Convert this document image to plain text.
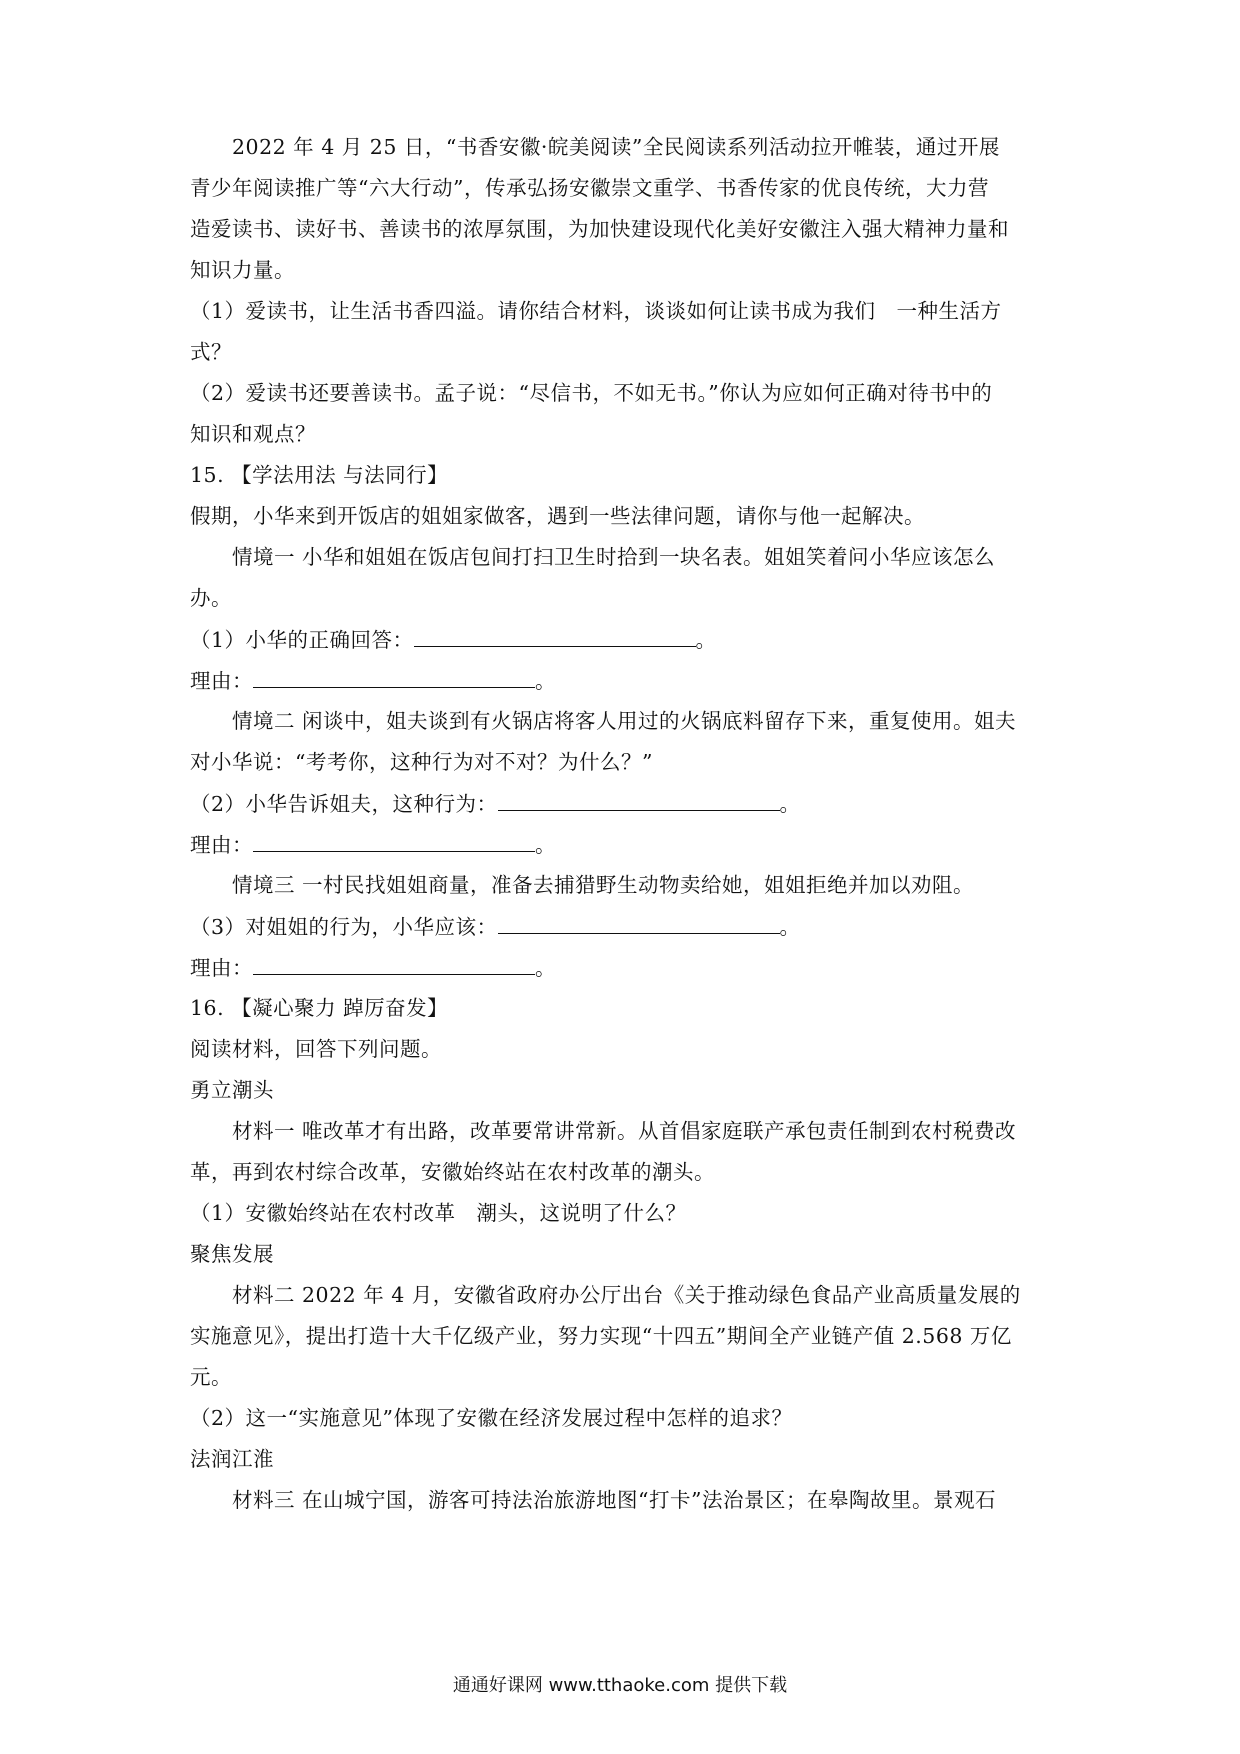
2022 年 4 月 25 日，“书香安徽·皖美阅读”全民阅读系列活动拉开帷装，通过开展
青少年阅读推广等“六大行动”，传承弘扬安徽崇文重学、书香传家的优良传统，大力营
造爱读书、读好书、善读书的浓厚氛围，为加快建设现代化美好安徽注入强大精神力量和
知识力量。
（1）爱读书，让生活书香四溢。请你结合材料，谈谈如何让读书成为我们　一种生活方
式？
（2）爱读书还要善读书。孟子说：“尽信书，不如无书。”你认为应如何正确对待书中的
知识和观点？
15. 【学法用法 与法同行】
假期，小华来到开饭店的姐姐家做客，遇到一些法律问题，请你与他一起解决。
情境一 小华和姐姐在饭店包间打扫卫生时拾到一块名表。姐姐笑着问小华应该怎么
办。
（1）小华的正确回答：	。
理由：	。
情境二 闲谈中，姐夫谈到有火锅店将客人用过的火锅底料留存下来，重复使用。姐夫
对小华说：“考考你，这种行为对不对？为什么？”
（2）小华告诉姐夫，这种行为：	。
理由：	。
情境三 一村民找姐姐商量，准备去捕猎野生动物卖给她，姐姐拒绝并加以劝阻。
（3）对姐姐的行为，小华应该：	。
理由：	。
16. 【凝心聚力 踔厉奋发】
阅读材料，回答下列问题。
勇立潮头
材料一 唯改革才有出路，改革要常讲常新。从首倡家庭联产承包责任制到农村税费改
革，再到农村综合改革，安徽始终站在农村改革的潮头。
（1）安徽始终站在农村改革　潮头，这说明了什么？
聚焦发展
材料二 2022 年 4 月，安徽省政府办公厅出台《关于推动绿色食品产业高质量发展的
实施意见》，提出打造十大千亿级产业，努力实现“十四五”期间全产业链产值 2.568 万亿
元。
（2）这一“实施意见”体现了安徽在经济发展过程中怎样的追求？
法润江淮
材料三 在山城宁国，游客可持法治旅游地图“打卡”法治景区；在皋陶故里。景观石
通通好课网 www.tthaoke.com 提供下载
